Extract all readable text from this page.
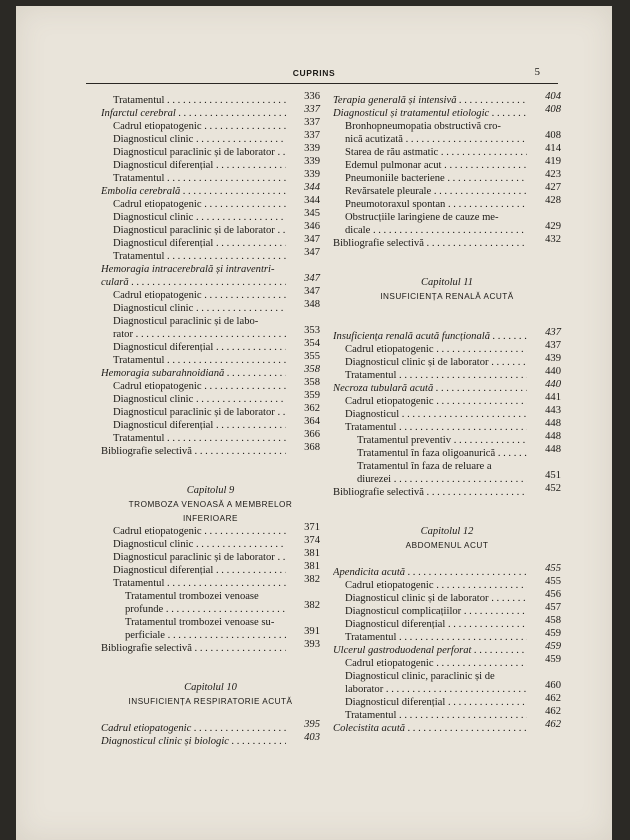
CUPRINS	5
Tratamentul . . .	336
Infarctul cerebral . . .	337
Cadrul etiopatogenic . . .	337
Diagnosticul clinic . . .	337
Diagnosticul paraclinic și de laborator . . .	339
Diagnosticul diferențial . . .	339
Tratamentul . . .	339
Embolia cerebrală . . .	344
Cadrul etiopatogenic . . .	344
Diagnosticul clinic . . .	345
Diagnosticul paraclinic și de laborator . . .	346
Diagnosticul diferențial . . .	347
Tratamentul . . .	347
Hemoragia intracerebrală și intraventri-
culară . . .	347
Cadrul etiopatogenic . . .	347
Diagnosticul clinic . . .	348
Diagnosticul paraclinic și de labo-
rator . . .	353
Diagnosticul diferențial . . .	354
Tratamentul . . .	355
Hemoragia subarahnoidiană . . .	358
Cadrul etiopatogenic . . .	358
Diagnosticul clinic . . .	359
Diagnosticul paraclinic și de laborator . . .	362
Diagnosticul diferențial . . .	364
Tratamentul . . .	366
Bibliografie selectivă . . .	368
Capitolul 9
TROMBOZA VENOASĂ A MEMBRELOR INFERIOARE
Cadrul etiopatogenic . . .	371
Diagnosticul clinic . . .	374
Diagnosticul paraclinic și de laborator . . .	381
Diagnosticul diferențial . . .	381
Tratamentul . . .	382
Tratamentul trombozei venoase
profunde . . .	382
Tratamentul trombozei venoase su-
perficiale . . .	391
Bibliografie selectivă . . .	393
Capitolul 10
INSUFICIENȚA RESPIRATORIE ACUTĂ
Cadrul etiopatogenic . . .	395
Diagnosticul clinic și biologic . . .	403
Terapia generală și intensivă . . .	404
Diagnosticul și tratamentul etiologic . . .	408
Bronhopneumopatia obstructivă cro-
nică acutizată . . .	408
Starea de rău astmatic . . .	414
Edemul pulmonar acut . . .	419
Pneumoniile bacteriene . . .	423
Revărsatele pleurale . . .	427
Pneumotoraxul spontan . . .	428
Obstrucțiile laringiene de cauze me-
dicale . . .	429
Bibliografie selectivă . . .	432
Capitolul 11
INSUFICIENȚA RENALĂ ACUTĂ
Insuficiența renală acută funcțională . . .	437
Cadrul etiopatogenic . . .	437
Diagnosticul clinic și de laborator . . .	439
Tratamentul . . .	440
Necroza tubulară acută . . .	440
Cadrul etiopatogenic . . .	441
Diagnosticul . . .	443
Tratamentul . . .	448
Tratamentul preventiv . . .	448
Tratamentul în faza oligoanurică . . .	448
Tratamentul în faza de reluare a
diurezei . . .	451
Bibliografie selectivă . . .	452
Capitolul 12
ABDOMENUL ACUT
Apendicita acută . . .	455
Cadrul etiopatogenic . . .	455
Diagnosticul clinic și de laborator . . .	456
Diagnosticul complicațiilor . . .	457
Diagnosticul diferențial . . .	458
Tratamentul . . .	459
Ulcerul gastroduodenal perforat . . .	459
Cadrul etiopatogenic . . .	459
Diagnosticul clinic, paraclinic și de
laborator . . .	460
Diagnosticul diferențial . . .	462
Tratamentul . . .	462
Colecistita acută . . .	462
